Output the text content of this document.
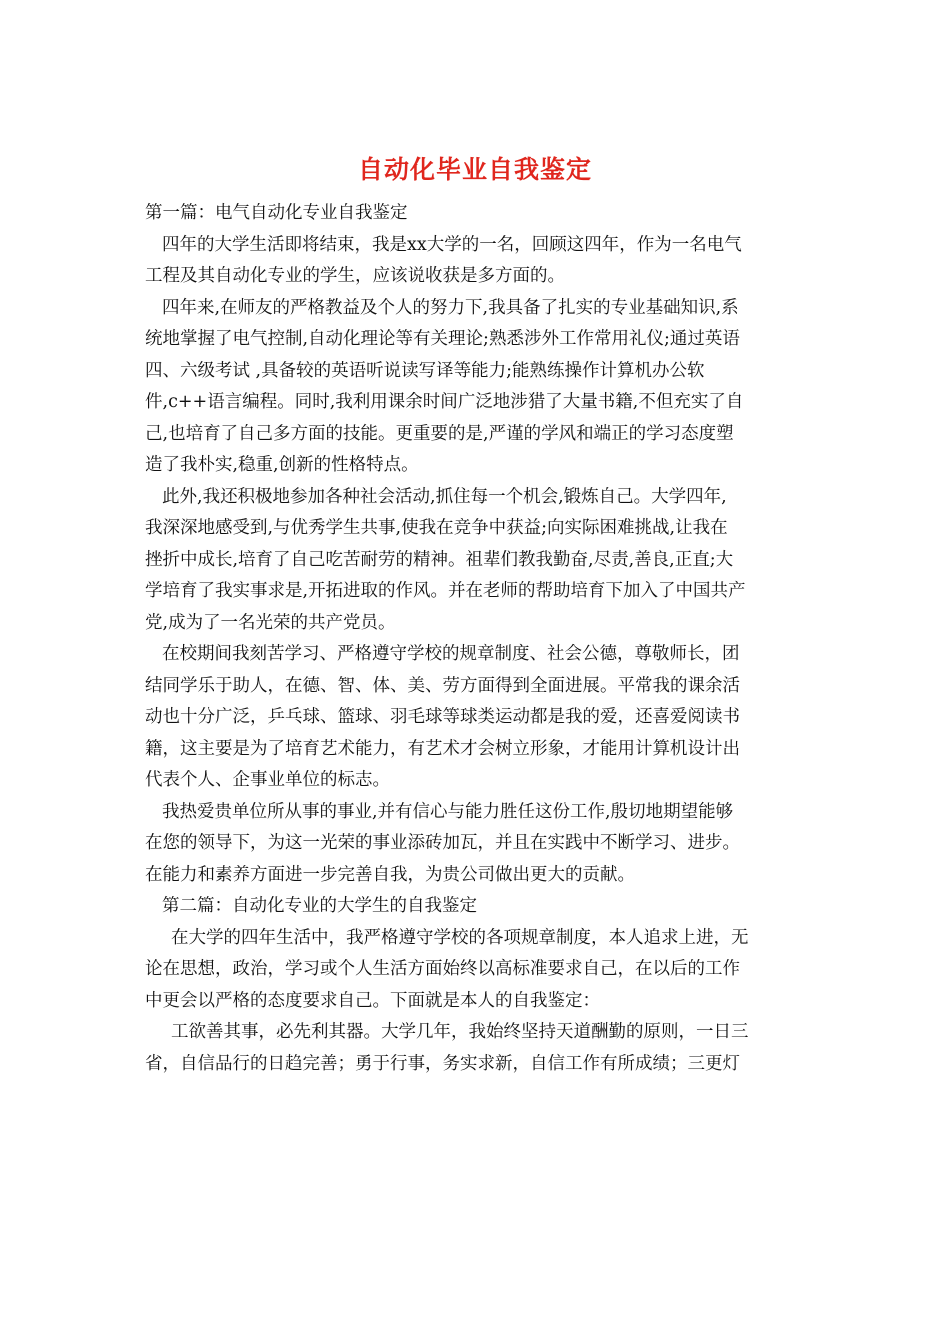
自动化毕业自我鉴定
第一篇：电气自动化专业自我鉴定
四年的大学生活即将结束，我是xx大学的一名，回顾这四年，作为一名电气
工程及其自动化专业的学生，应该说收获是多方面的。
四年来,在师友的严格教益及个人的努力下,我具备了扎实的专业基础知识,系
统地掌握了电气控制,自动化理论等有关理论;熟悉涉外工作常用礼仪;通过英语
四、六级考试 ,具备较的英语听说读写译等能力;能熟练操作计算机办公软
件,c++语言编程。同时,我利用课余时间广泛地涉猎了大量书籍,不但充实了自
己,也培育了自己多方面的技能。更重要的是,严谨的学风和端正的学习态度塑
造了我朴实,稳重,创新的性格特点。
此外,我还积极地参加各种社会活动,抓住每一个机会,锻炼自己。大学四年,
我深深地感受到,与优秀学生共事,使我在竞争中获益;向实际困难挑战,让我在
挫折中成长,培育了自己吃苦耐劳的精神。祖辈们教我勤奋,尽责,善良,正直;大
学培育了我实事求是,开拓进取的作风。并在老师的帮助培育下加入了中国共产
党,成为了一名光荣的共产党员。
在校期间我刻苦学习、严格遵守学校的规章制度、社会公德，尊敬师长，团
结同学乐于助人，在德、智、体、美、劳方面得到全面进展。平常我的课余活
动也十分广泛，乒乓球、篮球、羽毛球等球类运动都是我的爱，还喜爱阅读书
籍，这主要是为了培育艺术能力，有艺术才会树立形象，才能用计算机设计出
代表个人、企事业单位的标志。
我热爱贵单位所从事的事业,并有信心与能力胜任这份工作,殷切地期望能够
在您的领导下，为这一光荣的事业添砖加瓦，并且在实践中不断学习、进步。
在能力和素养方面进一步完善自我，为贵公司做出更大的贡献。
第二篇：自动化专业的大学生的自我鉴定
在大学的四年生活中，我严格遵守学校的各项规章制度，本人追求上进，无
论在思想，政治，学习或个人生活方面始终以高标准要求自己，在以后的工作
中更会以严格的态度要求自己。下面就是本人的自我鉴定：
工欲善其事，必先利其器。大学几年，我始终坚持天道酬勤的原则，一日三
省，自信品行的日趋完善；勇于行事，务实求新，自信工作有所成绩；三更灯
